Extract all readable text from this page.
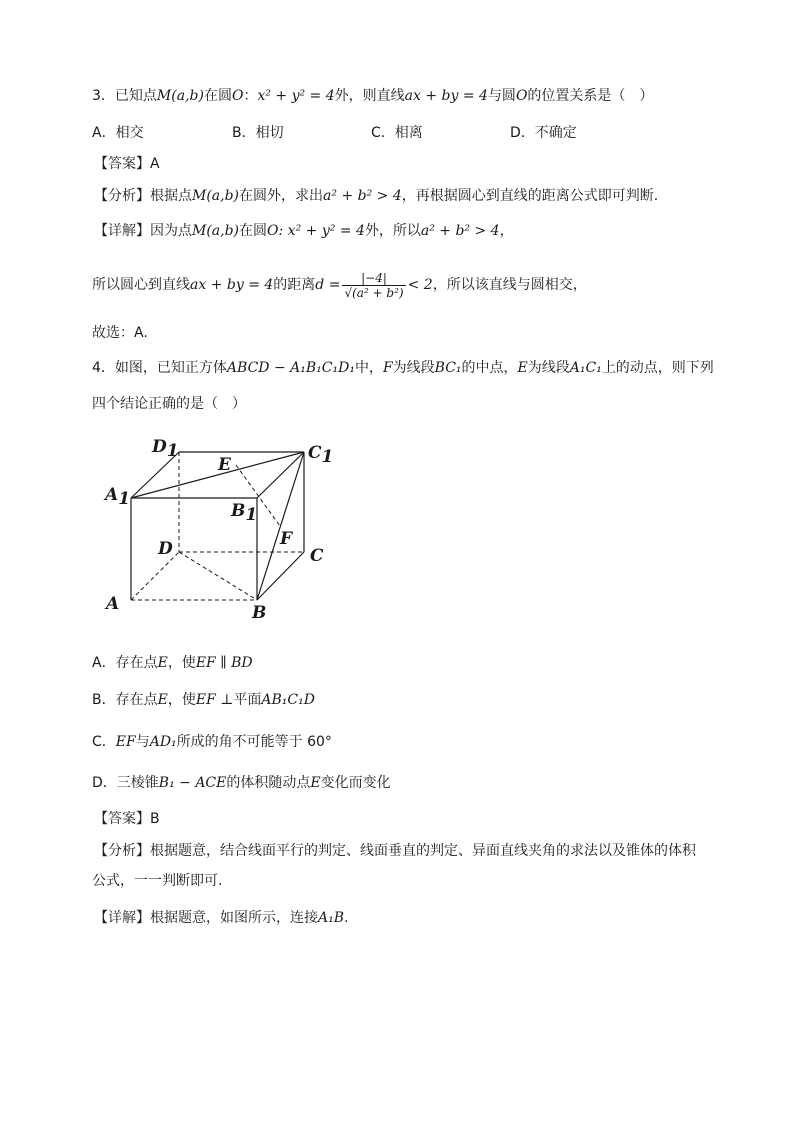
3．已知点M(a,b)在圆O：x² + y² = 4外，则直线ax + by = 4与圆O的位置关系是（　）
A．相交	B．相切	C．相离	D．不确定
【答案】A
【分析】根据点M(a,b)在圆外，求出a² + b² > 4，再根据圆心到直线的距离公式即可判断.
【详解】因为点M(a,b)在圆O: x² + y² = 4外，所以a² + b² > 4，
所以圆心到直线ax + by = 4的距离$d = \frac{|-4|}{\text{√(a² + b²)}} < 2$，所以该直线与圆相交，
故选：A.
4．如图，已知正方体ABCD − A₁B₁C₁D₁中，F为线段BC₁的中点，E为线段A₁C₁上的动点，则下列
四个结论正确的是（　）
D1	C1
A1
B1
E
F
D	C
A	B
A．存在点E，使EF ∥ BD
B．存在点E，使EF ⊥平面AB₁C₁D
C．EF与AD₁所成的角不可能等于 60°
D．三棱锥B₁ − ACE的体积随动点E变化而变化
【答案】B
【分析】根据题意，结合线面平行的判定、线面垂直的判定、异面直线夹角的求法以及锥体的体积
公式，一一判断即可.
【详解】根据题意，如图所示，连接A₁B.
